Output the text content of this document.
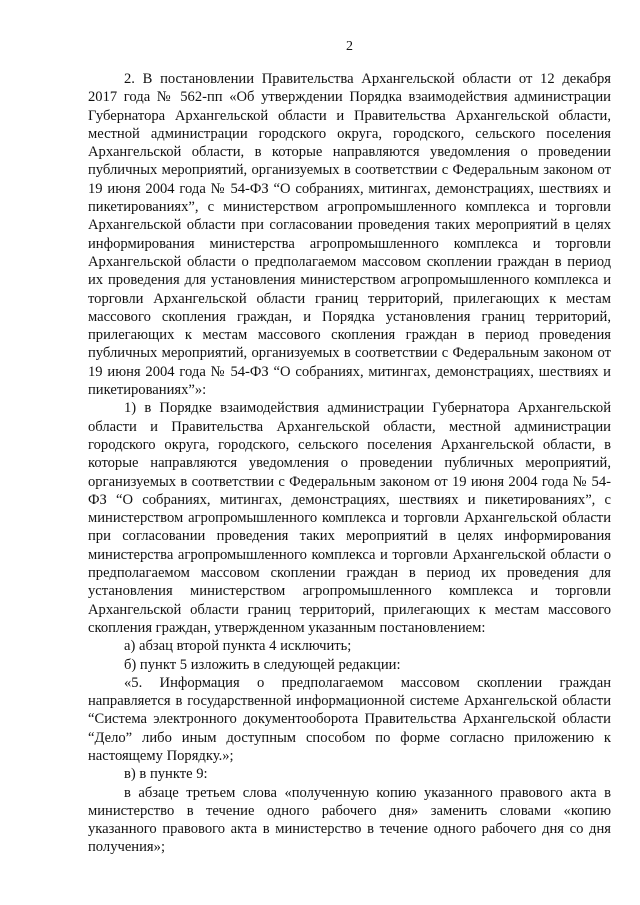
2

2. В постановлении Правительства Архангельской области от 12 декабря 2017 года № 562-пп «Об утверждении Порядка взаимодействия администрации Губернатора Архангельской области и Правительства Архангельской области, местной администрации городского округа, городского, сельского поселения Архангельской области, в которые направляются уведомления о проведении публичных мероприятий, организуемых в соответствии с Федеральным законом от 19 июня 2004 года № 54-ФЗ “О собраниях, митингах, демонстрациях, шествиях и пикетированиях”, с министерством агропромышленного комплекса и торговли Архангельской области при согласовании проведения таких мероприятий в целях информирования министерства агропромышленного комплекса и торговли Архангельской области о предполагаемом массовом скоплении граждан в период их проведения для установления министерством агропромышленного комплекса и торговли Архангельской области границ территорий, прилегающих к местам массового скопления граждан, и Порядка установления границ территорий, прилегающих к местам массового скопления граждан в период проведения публичных мероприятий, организуемых в соответствии с Федеральным законом от 19 июня 2004 года № 54-ФЗ “О собраниях, митингах, демонстрациях, шествиях и пикетированиях”»:

1) в Порядке взаимодействия администрации Губернатора Архангельской области и Правительства Архангельской области, местной администрации городского округа, городского, сельского поселения Архангельской области, в которые направляются уведомления о проведении публичных мероприятий, организуемых в соответствии с Федеральным законом от 19 июня 2004 года № 54-ФЗ “О собраниях, митингах, демонстрациях, шествиях и пикетированиях”, с министерством агропромышленного комплекса и торговли Архангельской области при согласовании проведения таких мероприятий в целях информирования министерства агропромышленного комплекса и торговли Архангельской области о предполагаемом массовом скоплении граждан в период их проведения для установления министерством агропромышленного комплекса и торговли Архангельской области границ территорий, прилегающих к местам массового скопления граждан, утвержденном указанным постановлением:

а) абзац второй пункта 4 исключить;

б) пункт 5 изложить в следующей редакции:

«5. Информация о предполагаемом массовом скоплении граждан направляется в государственной информационной системе Архангельской области “Система электронного документооборота Правительства Архангельской области “Дело” либо иным доступным способом по форме согласно приложению к настоящему Порядку.»;

в) в пункте 9:

в абзаце третьем слова «полученную копию указанного правового акта в министерство в течение одного рабочего дня» заменить словами «копию указанного правового акта в министерство в течение одного рабочего дня со дня получения»;
